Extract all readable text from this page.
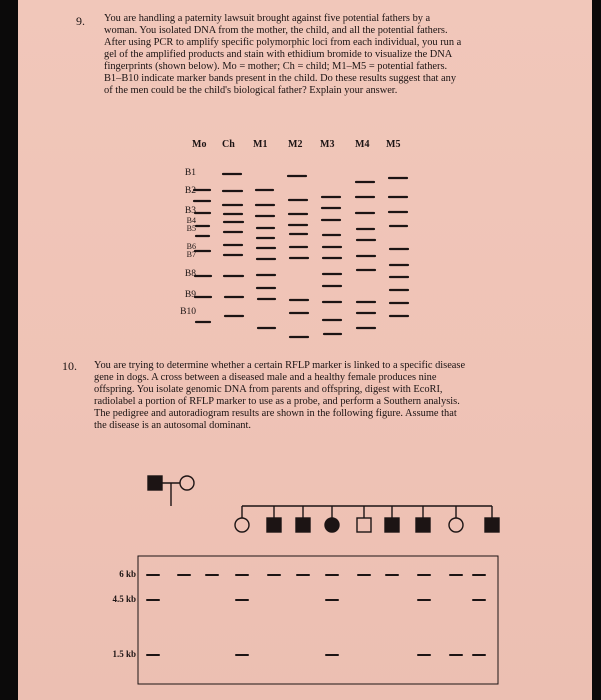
9. You are handling a paternity lawsuit brought against five potential fathers by a

woman. You isolated DNA from the mother, the child, and all the potential fathers.

After using PCR to amplify specific polymorphic loci from each individual, you run a

gel of the amplified products and stain with ethidium bromide to visualize the DNA

fingerprints (shown below). Mo = mother; Ch = child; M1–M5 = potential fathers.

B1–B10 indicate marker bands present in the child. Do these results suggest that any

of the men could be the child's biological father? Explain your answer.

Mo Ch M1 M2 M3 M4 M5
B1
B2
B3
B4
B5
B6
B7
B8
B9
B10
10. You are trying to determine whether a certain RFLP marker is linked to a specific disease

gene in dogs. A cross between a diseased male and a healthy female produces nine

offspring. You isolate genomic DNA from parents and offspring, digest with EcoRI,

radiolabel a portion of RFLP marker to use as a probe, and perform a Southern analysis.

The pedigree and autoradiogram results are shown in the following figure. Assume that

the disease is an autosomal dominant.

6 kb
4.5 kb
1.5 kb
